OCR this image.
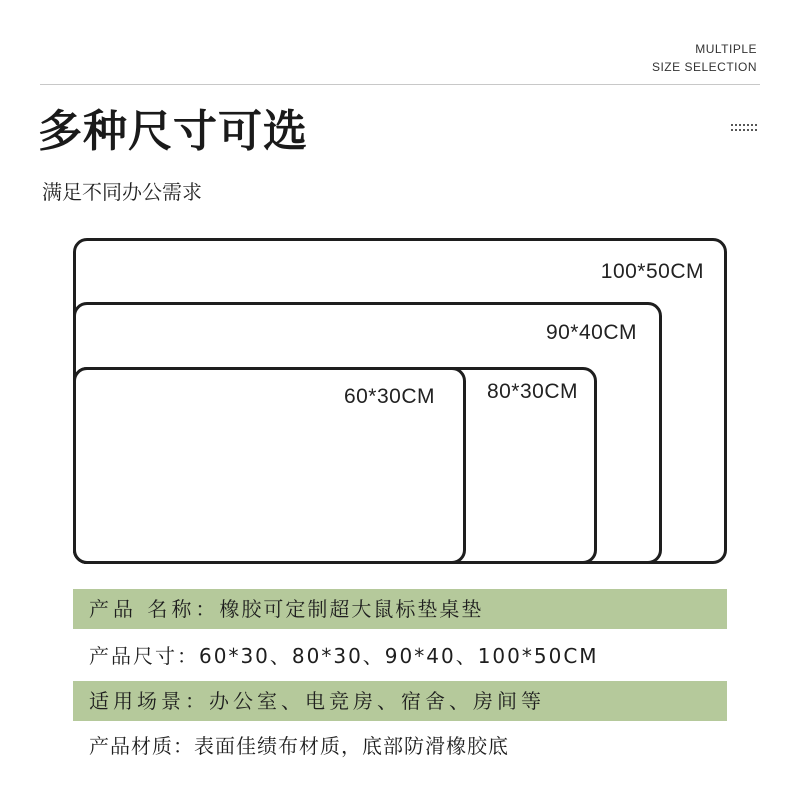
MULTIPLE
SIZE SELECTION
多种尺寸可选
满足不同办公需求
100*50CM
90*40CM
80*30CM
60*30CM
产品 名称：橡胶可定制超大鼠标垫桌垫
产品尺寸：60*30、80*30、90*40、100*50CM
适用场景：办公室、电竞房、宿舍、房间等
产品材质：表面佳绩布材质，底部防滑橡胶底
